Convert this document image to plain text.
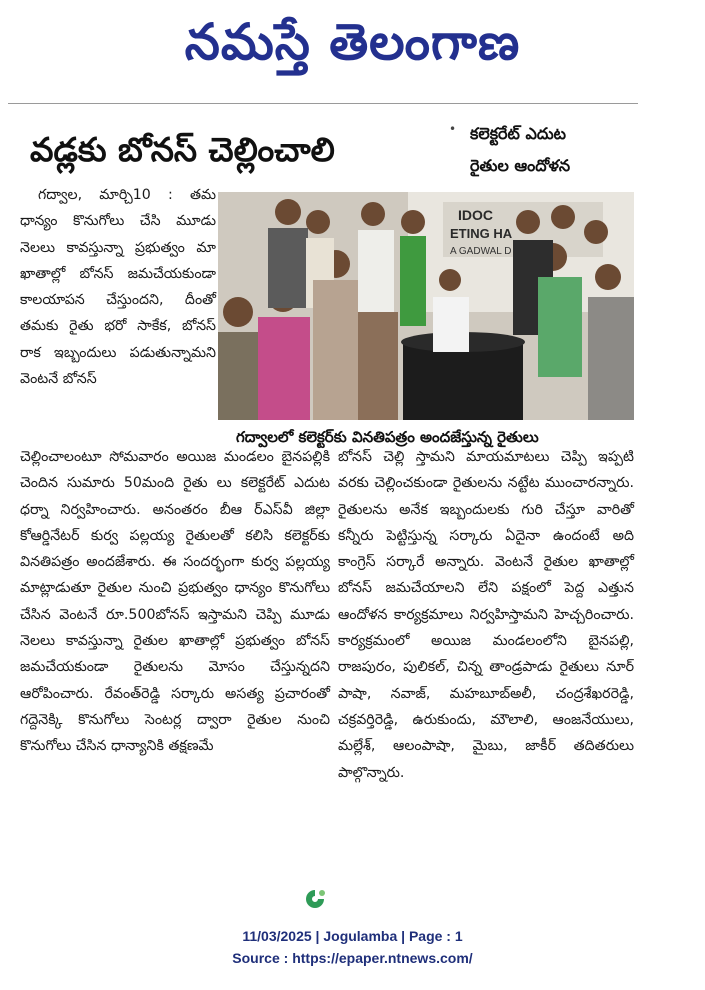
నమస్తే తెలంగాణ
వడ్లకు బోనస్ చెల్లించాలి
• కలెక్టరేట్ ఎదుట
రైతుల ఆందోళన

గద్వాల, మార్చి10 : తమ ధాన్యం కొనుగోలు చేసి మూడు నెలలు కావస్తున్నా ప్రభుత్వం మా ఖాతాల్లో బోనస్ జమచేయకుండా కాలయాపన చేస్తుందని, దీంతో తమకు రైతు భరో సాకేక, బోనస్ రాక ఇబ్బందులు పడుతున్నామని వెంటనే బోనస్

IDOC
ETING HA
A GADWAL D
గద్వాలలో కలెక్టర్‌కు వినతిపత్రం అందజేస్తున్న రైతులు

చెల్లించాలంటూ సోమవారం అయిజ మండలం బైనపల్లికి చెందిన సుమారు 50మంది రైతు లు కలెక్టరేట్ ఎదుట ధర్నా నిర్వహించారు. అనంతరం బీఆ ర్ఎస్‌వీ జిల్లా కోఆర్డినేటర్ కుర్వ పల్లయ్య రైతులతో కలిసి కలెక్టర్‌కు వినతిపత్రం అందజేశారు. ఈ సందర్భంగా కుర్వ పల్లయ్య మాట్లాడుతూ రైతుల నుంచి ప్రభుత్వం ధాన్యం కొనుగోలు చేసిన వెంటనే రూ.500బోనస్ ఇస్తామని చెప్పి మూడు నెలలు కావస్తున్నా రైతుల ఖాతాల్లో ప్రభుత్వం బోనస్ జమచేయకుండా రైతులను మోసం చేస్తున్నదని ఆరోపించారు. రేవంత్‌రెడ్డి సర్కారు అసత్య ప్రచారంతో గద్దెనెక్కి కొనుగోలు సెంటర్ల ద్వారా రైతుల నుంచి కొనుగోలు చేసిన ధాన్యానికి తక్షణమే

బోనస్ చెల్లి స్తామని మాయమాటలు చెప్పి ఇప్పటి వరకు చెల్లించకుండా రైతులను నట్టేట ముంచారన్నారు. రైతులను అనేక ఇబ్బందులకు గురి చేస్తూ వారితో కన్నీరు పెట్టిస్తున్న సర్కారు ఏదైనా ఉందంటే అది కాంగ్రెస్ సర్కారే అన్నారు. వెంటనే రైతుల ఖాతాల్లో బోనస్ జమచేయాలని లేని పక్షంలో పెద్ద ఎత్తున ఆందోళన కార్యక్రమాలు నిర్వహిస్తామని హెచ్చరించారు. కార్యక్రమంలో అయిజ మండలంలోని బైనపల్లి, రాజపురం, పులికల్, చిన్న తాండ్రపాడు రైతులు నూర్ పాషా, నవాజ్, మహబూబ్‌అలీ, చంద్రశేఖరరెడ్డి, చక్రవర్తిరెడ్డి, ఉరుకుందు, మౌలాలి, ఆంజనేయులు, మల్లేశ్, ఆలంపాషా, మైబు, జాకీర్ తదితరులు పాల్గొన్నారు.

11/03/2025 | Jogulamba | Page : 1
Source : https://epaper.ntnews.com/
